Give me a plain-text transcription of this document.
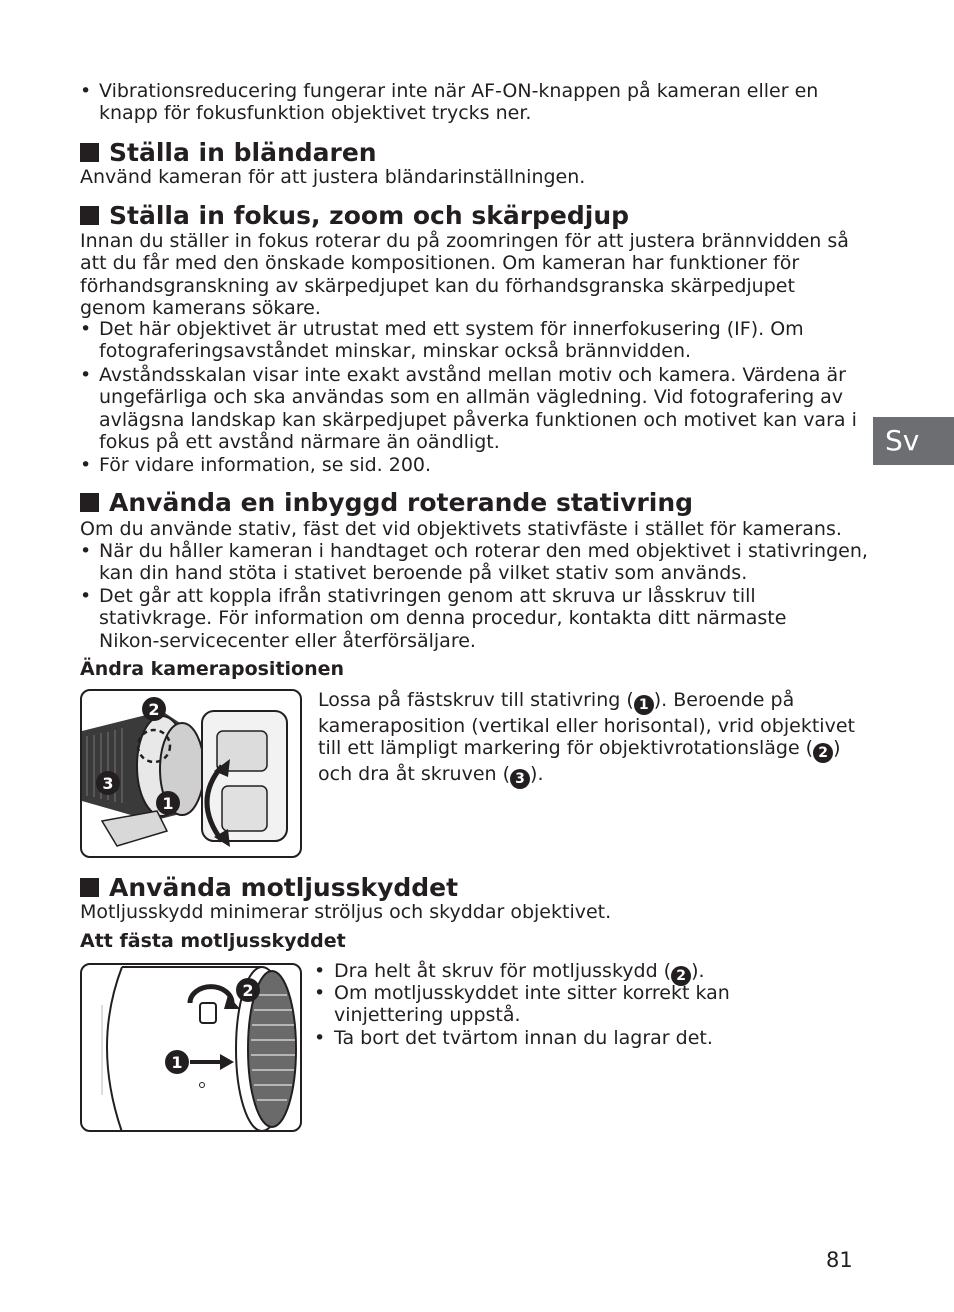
• Vibrationsreducering fungerar inte när AF-ON-knappen på kameran eller en knapp för fokusfunktion objektivet trycks ner.
Ställa in bländaren
Använd kameran för att justera bländarinställningen.
Ställa in fokus, zoom och skärpedjup
Innan du ställer in fokus roterar du på zoomringen för att justera brännvidden så att du får med den önskade kompositionen. Om kameran har funktioner för förhandsgranskning av skärpedjupet kan du förhandsgranska skärpedjupet genom kamerans sökare.
• Det här objektivet är utrustat med ett system för innerfokusering (IF). Om fotograferingsavståndet minskar, minskar också brännvidden.
• Avståndsskalan visar inte exakt avstånd mellan motiv och kamera. Värdena är ungefärliga och ska användas som en allmän vägledning. Vid fotografering av avlägsna landskap kan skärpedjupet påverka funktionen och motivet kan vara i fokus på ett avstånd närmare än oändligt.
• För vidare information, se sid. 200.
Sv
Använda en inbyggd roterande stativring
Om du använde stativ, fäst det vid objektivets stativfäste i stället för kamerans.
• När du håller kameran i handtaget och roterar den med objektivet i stativringen, kan din hand stöta i stativet beroende på vilket stativ som används.
• Det går att koppla ifrån stativringen genom att skruva ur låsskruv till stativkrage. För information om denna procedur, kontakta ditt närmaste Nikon-servicecenter eller återförsäljare.
Ändra kamerapositionen
2
3
1
Lossa på fästskruv till stativring ( 1 ). Beroende på kameraposition (vertikal eller horisontal), vrid objektivet till ett lämpligt markering för objektivrotationsläge ( 2 ) och dra åt skruven ( 3 ).
Använda motljusskyddet
Motljusskydd minimerar ströljus och skyddar objektivet.
Att fästa motljusskyddet
2
1
• Dra helt åt skruv för motljusskydd ( 2 ).
• Om motljusskyddet inte sitter korrekt kan vinjettering uppstå.
• Ta bort det tvärtom innan du lagrar det.
81
